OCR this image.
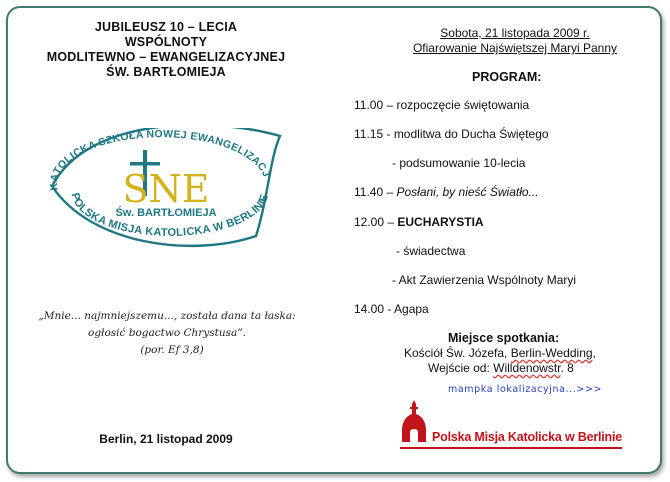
JUBILEUSZ 10 – LECIA
WSPÓLNOTY
MODLITEWNO – EWANGELIZACYJNEJ
ŚW. BARTŁOMIEJA
KATOLICKA SZKOŁA NOWEJ EWANGELIZACJ
POLSKA MISJA KATOLICKA W BERLINIE
SNE
Św. BARTŁOMIEJA
„Mnie... najmniejszemu..., została dana ta łaska:
ogłosić bogactwo Chrystusa”.
(por. Ef 3,8)
Berlin, 21 listopad 2009
Sobota, 21 listopada 2009 r.
Ofiarowanie Najświętszej Maryi Panny
PROGRAM:
11.00 – rozpoczęcie świętowania
11.15 - modlitwa do Ducha Świętego
- podsumowanie 10-lecia
11.40 – Posłani, by nieść Światło...
12.00 – EUCHARYSTIA
- świadectwa
- Akt Zawierzenia Wspólnoty Maryi
14.00 - Agapa
Miejsce spotkania:
Kościół Św. Józefa, Berlin-Wedding,
Wejście od: Willdenowstr. 8
mampka lokalizacyjna...>>>
Polska Misja Katolicka w Berlinie
